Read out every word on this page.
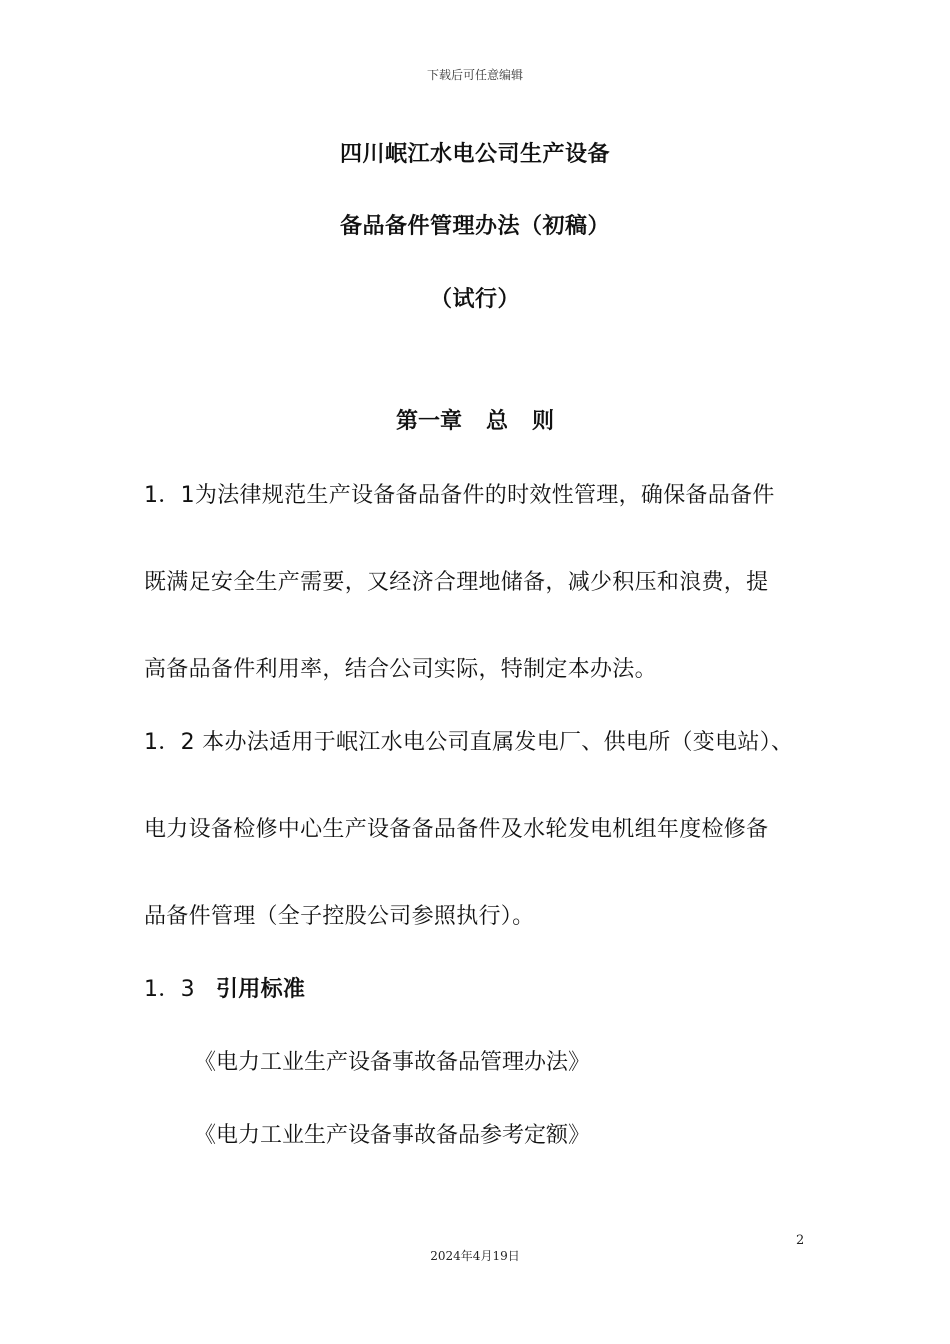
下载后可任意编辑
四川岷江水电公司生产设备
备品备件管理办法（初稿）
（试行）
第一章 总 则
1．1为法律规范生产设备备品备件的时效性管理，确保备品备件
既满足安全生产需要，又经济合理地储备，减少积压和浪费，提
高备品备件利用率，结合公司实际，特制定本办法。
1．2 本办法适用于岷江水电公司直属发电厂、供电所（变电站）、
电力设备检修中心生产设备备品备件及水轮发电机组年度检修备
品备件管理（全子控股公司参照执行）。
1．3 引用标准
《电力工业生产设备事故备品管理办法》
《电力工业生产设备事故备品参考定额》
2
2024年4月19日
